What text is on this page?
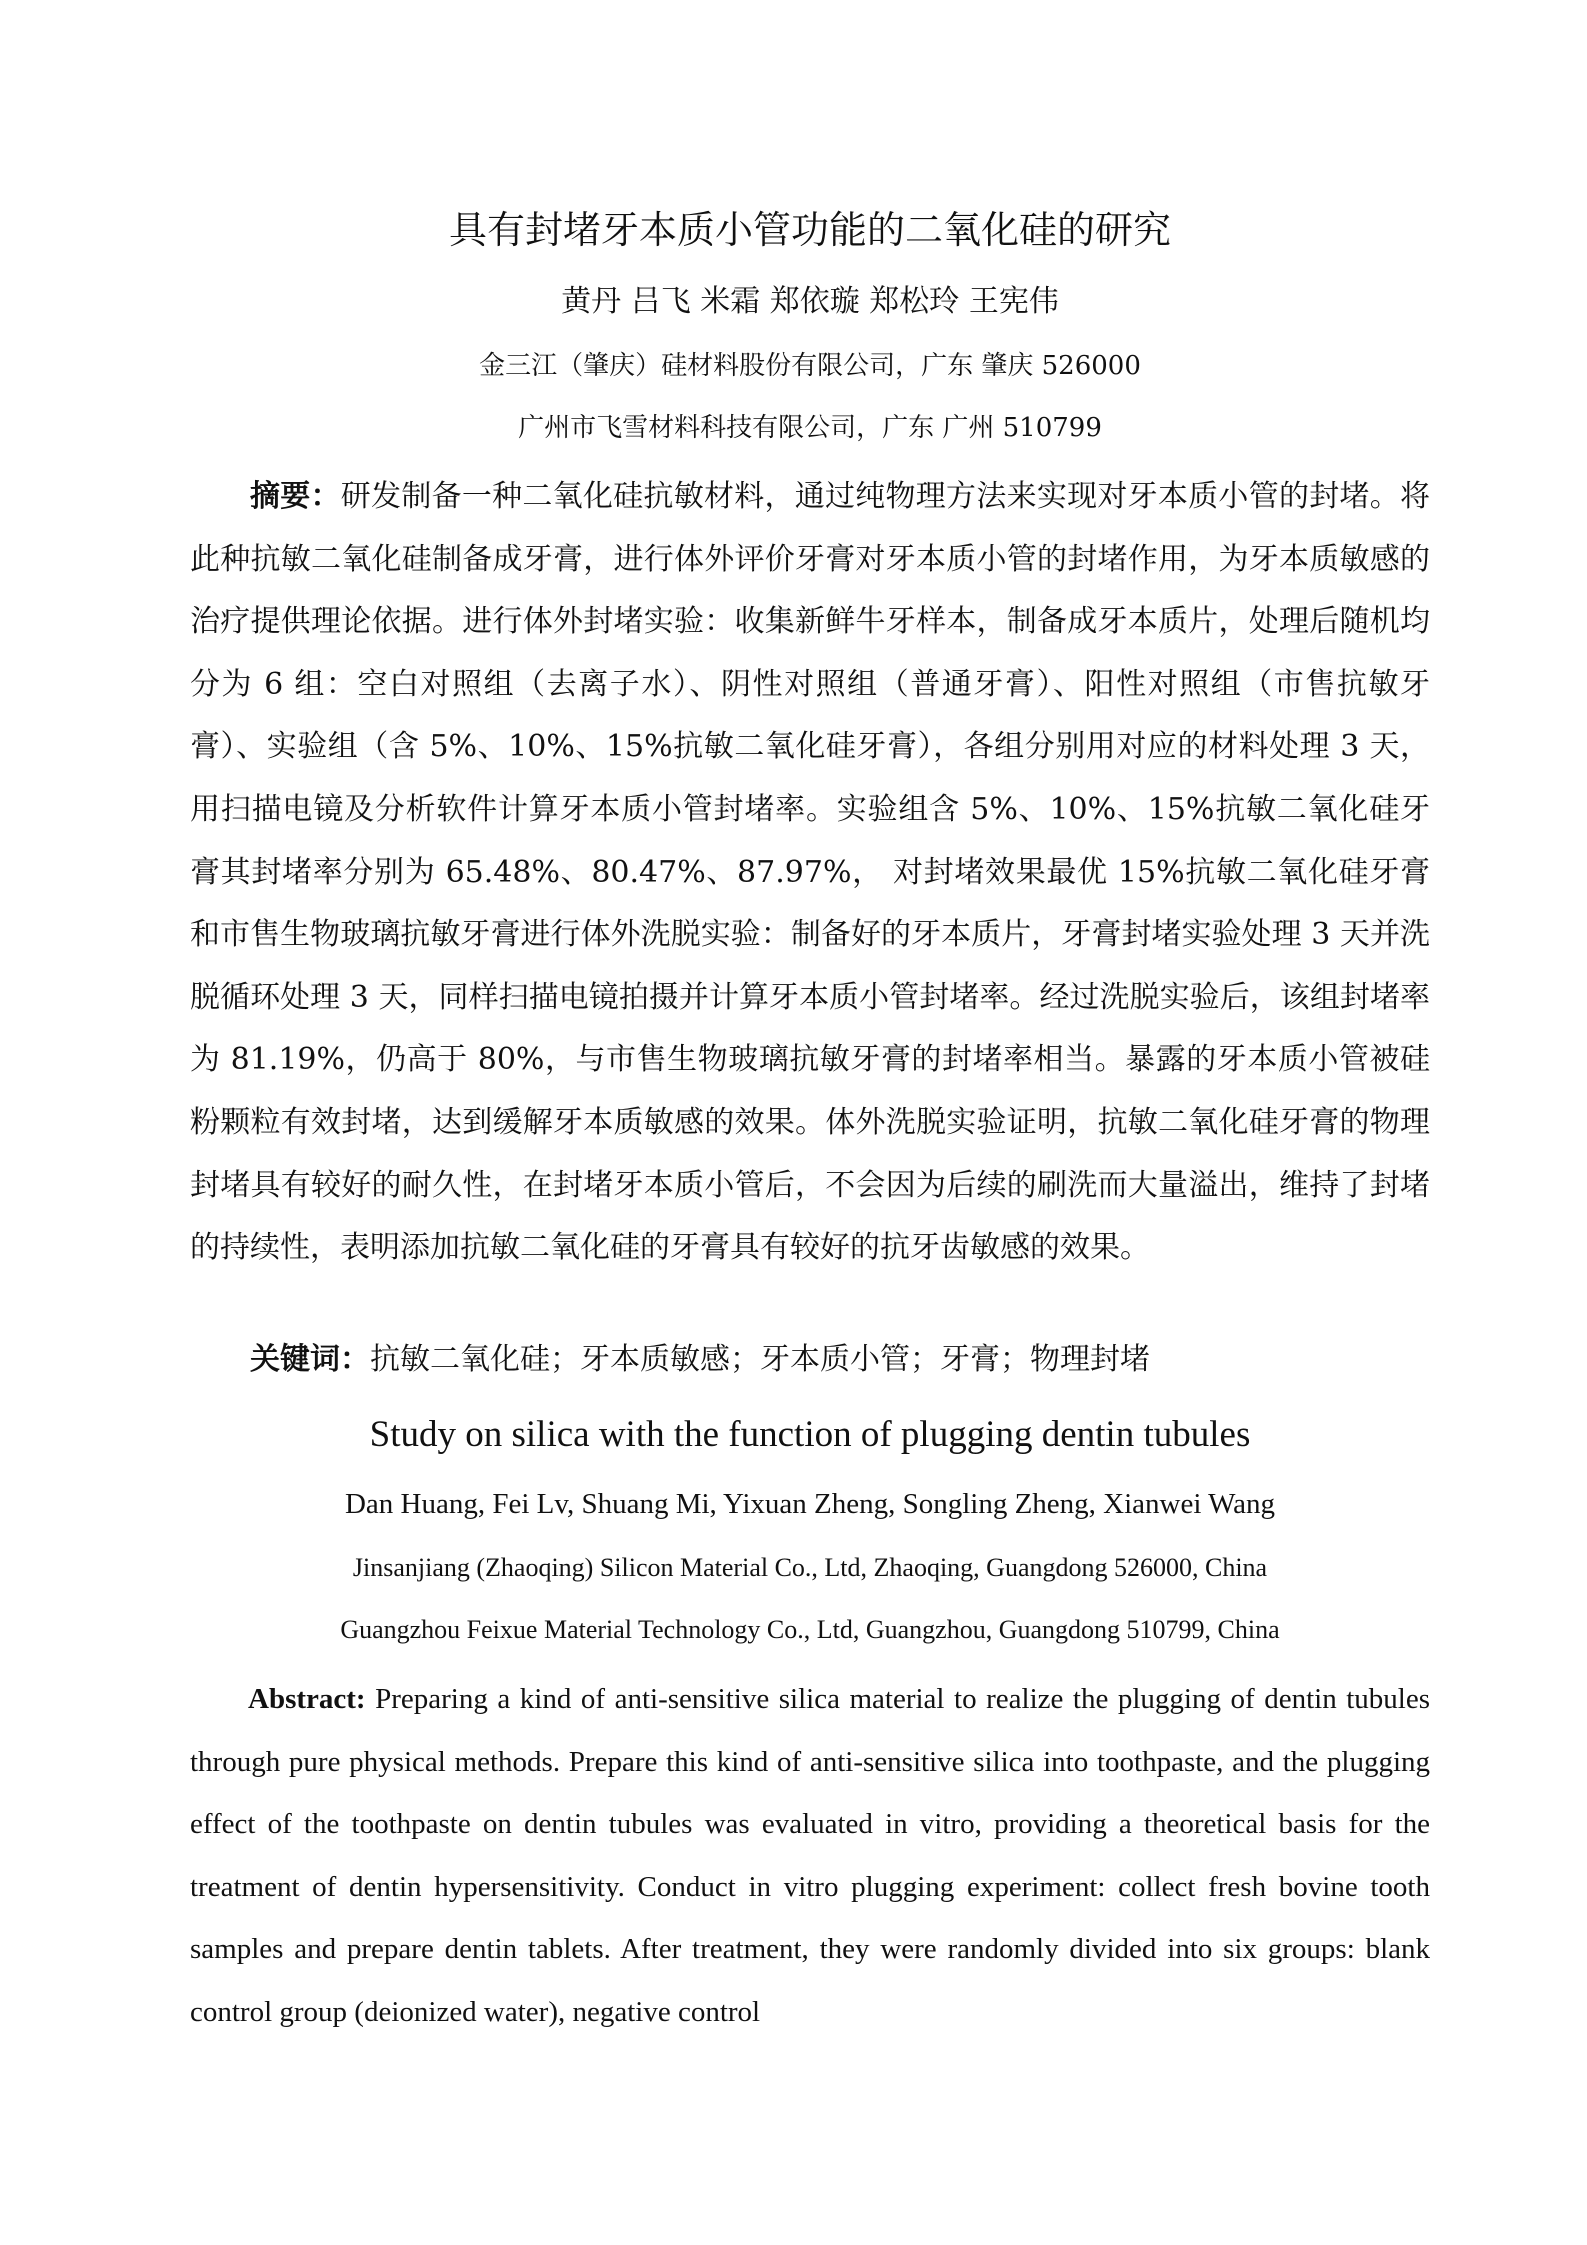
具有封堵牙本质小管功能的二氧化硅的研究
黄丹 吕飞 米霜 郑依璇 郑松玲 王宪伟
金三江（肇庆）硅材料股份有限公司，广东 肇庆 526000
广州市飞雪材料科技有限公司，广东 广州 510799

摘要：研发制备一种二氧化硅抗敏材料，通过纯物理方法来实现对牙本质小管的封堵。将此种抗敏二氧化硅制备成牙膏，进行体外评价牙膏对牙本质小管的封堵作用，为牙本质敏感的治疗提供理论依据。进行体外封堵实验：收集新鲜牛牙样本，制备成牙本质片，处理后随机均分为 6 组：空白对照组（去离子水）、阴性对照组（普通牙膏）、阳性对照组（市售抗敏牙膏）、实验组（含 5%、10%、15%抗敏二氧化硅牙膏），各组分别用对应的材料处理 3 天，用扫描电镜及分析软件计算牙本质小管封堵率。实验组含 5%、10%、15%抗敏二氧化硅牙膏其封堵率分别为 65.48%、80.47%、87.97%， 对封堵效果最优 15%抗敏二氧化硅牙膏和市售生物玻璃抗敏牙膏进行体外洗脱实验：制备好的牙本质片，牙膏封堵实验处理 3 天并洗脱循环处理 3 天，同样扫描电镜拍摄并计算牙本质小管封堵率。经过洗脱实验后，该组封堵率为 81.19%，仍高于 80%，与市售生物玻璃抗敏牙膏的封堵率相当。暴露的牙本质小管被硅粉颗粒有效封堵，达到缓解牙本质敏感的效果。体外洗脱实验证明，抗敏二氧化硅牙膏的物理封堵具有较好的耐久性，在封堵牙本质小管后，不会因为后续的刷洗而大量溢出，维持了封堵的持续性，表明添加抗敏二氧化硅的牙膏具有较好的抗牙齿敏感的效果。

关键词：抗敏二氧化硅；牙本质敏感；牙本质小管；牙膏；物理封堵

Study on silica with the function of plugging dentin tubules
Dan Huang, Fei Lv, Shuang Mi, Yixuan Zheng, Songling Zheng, Xianwei Wang
Jinsanjiang (Zhaoqing) Silicon Material Co., Ltd, Zhaoqing, Guangdong 526000, China
Guangzhou Feixue Material Technology Co., Ltd, Guangzhou, Guangdong 510799, China

Abstract: Preparing a kind of anti-sensitive silica material to realize the plugging of dentin tubules through pure physical methods. Prepare this kind of anti-sensitive silica into toothpaste, and the plugging effect of the toothpaste on dentin tubules was evaluated in vitro, providing a theoretical basis for the treatment of dentin hypersensitivity. Conduct in vitro plugging experiment: collect fresh bovine tooth samples and prepare dentin tablets. After treatment, they were randomly divided into six groups: blank control group (deionized water), negative control
